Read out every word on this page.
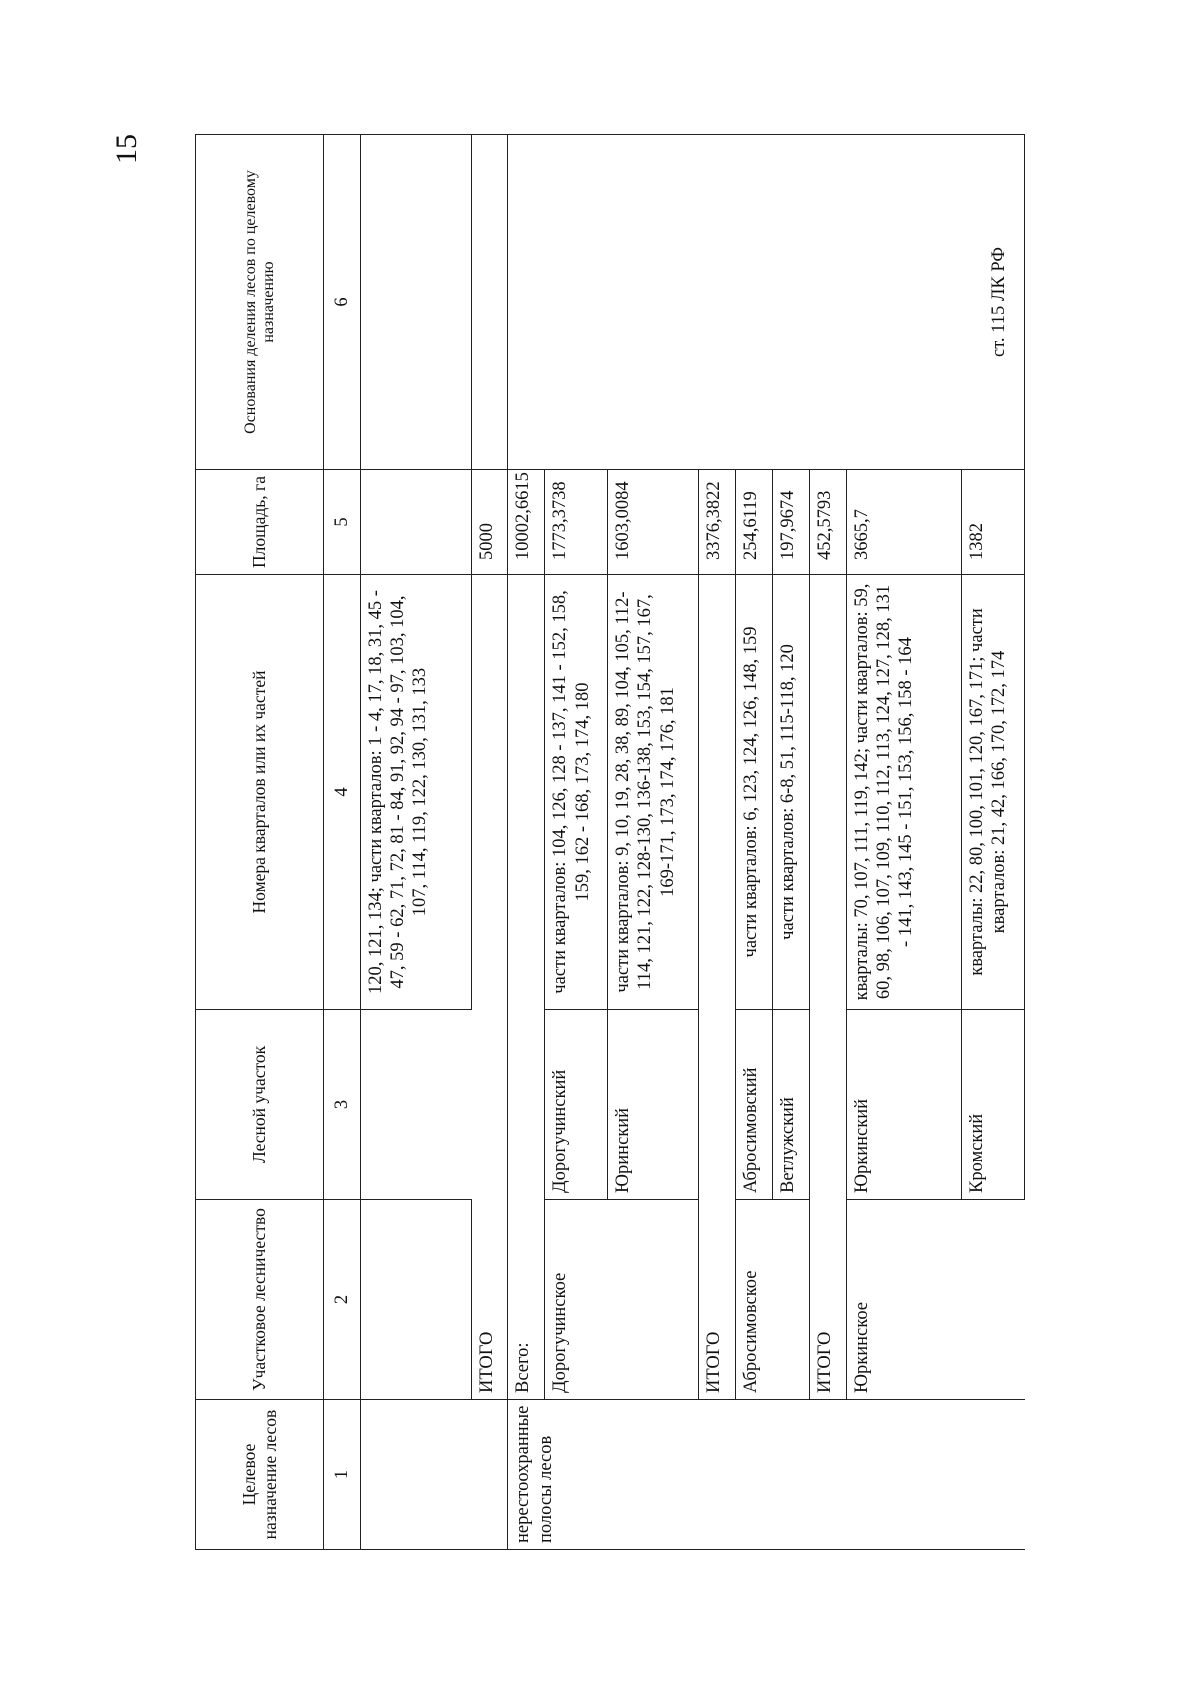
15
Целевое назначение лесов	Участковое лесничество	Лесной участок	Номера кварталов или их частей	Площадь, га	Основания деления лесов по целевому назначению
1	2	3	4	5	6
			120, 121, 134; части кварталов: 1 - 4, 17, 18, 31, 45 - 47, 59 - 62, 71, 72, 81 - 84, 91, 92, 94 - 97, 103, 104, 107, 114, 119, 122, 130, 131, 133		
	ИТОГО			5000	
нерестоохранные полосы лесов	Всего:			10002,6615	ст. 115 ЛК РФ
	Дорогучинское	Дорогучинский	части кварталов: 104, 126, 128 - 137, 141 - 152, 158, 159, 162 - 168, 173, 174, 180	1773,3738	
		Юринский	части кварталов: 9, 10, 19, 28, 38, 89, 104, 105, 112-114, 121, 122, 128-130, 136-138, 153, 154, 157, 167, 169-171, 173, 174, 176, 181	1603,0084	
	ИТОГО			3376,3822	
	Абросимовское	Абросимовский	части кварталов: 6, 123, 124, 126, 148, 159	254,6119	
		Ветлужский	части кварталов: 6-8, 51, 115-118, 120	197,9674	
	ИТОГО			452,5793	
	Юркинское	Юркинский	кварталы: 70, 107, 111, 119, 142; части кварталов: 59, 60, 98, 106, 107, 109, 110, 112, 113, 124, 127, 128, 131 - 141, 143, 145 - 151, 153, 156, 158 - 164	3665,7	
		Кромский	кварталы: 22, 80, 100, 101, 120, 167, 171; части кварталов: 21, 42, 166, 170, 172, 174	1382	
